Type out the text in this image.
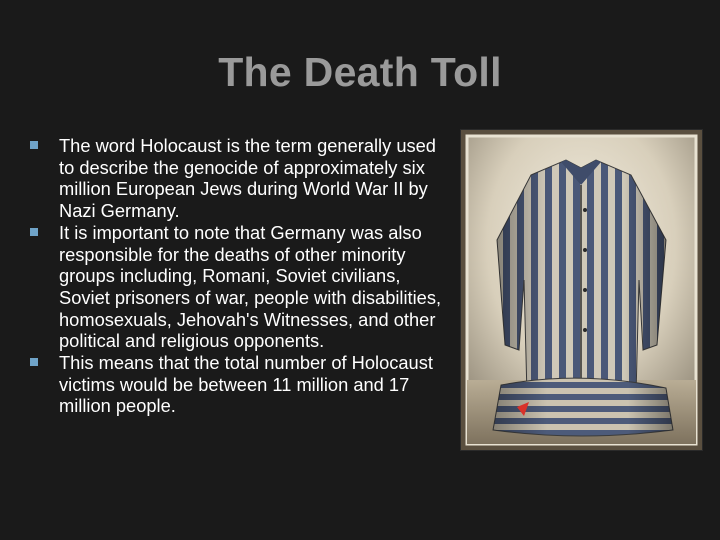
The Death Toll
The word Holocaust is the term generally used to describe the genocide of approximately six million European Jews during World War II by Nazi Germany.
It is important to note that Germany was also responsible for the deaths of other minority groups including, Romani, Soviet civilians, Soviet prisoners of war, people with disabilities, homosexuals, Jehovah's Witnesses, and other political and religious opponents.
This means that the total number of Holocaust victims would be between 11 million and 17 million people.
